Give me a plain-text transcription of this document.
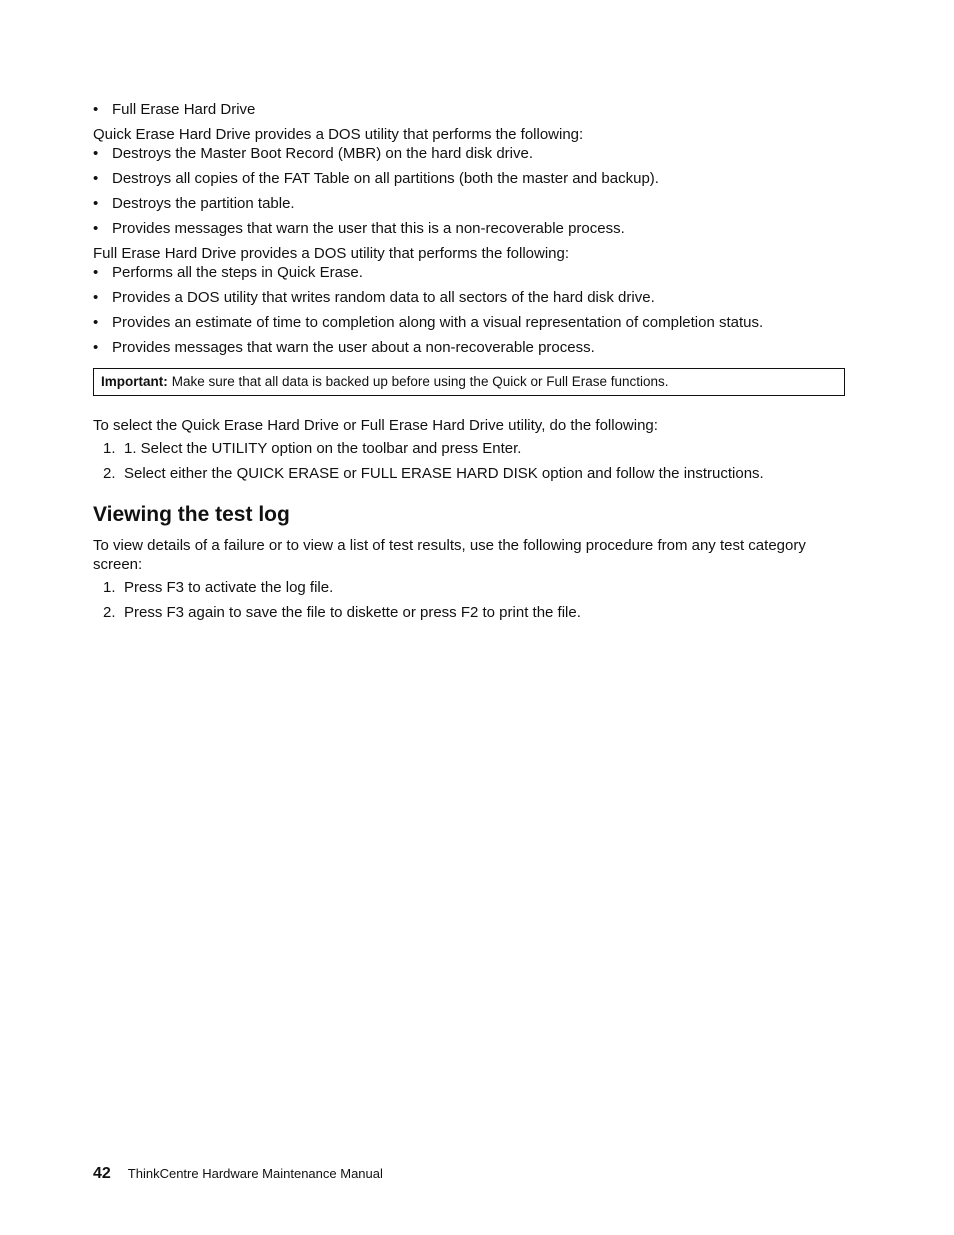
• Full Erase Hard Drive

Quick Erase Hard Drive provides a DOS utility that performs the following:

• Destroys the Master Boot Record (MBR) on the hard disk drive.
• Destroys all copies of the FAT Table on all partitions (both the master and backup).
• Destroys the partition table.
• Provides messages that warn the user that this is a non-recoverable process.

Full Erase Hard Drive provides a DOS utility that performs the following:

• Performs all the steps in Quick Erase.
• Provides a DOS utility that writes random data to all sectors of the hard disk drive.
• Provides an estimate of time to completion along with a visual representation of completion status.
• Provides messages that warn the user about a non-recoverable process.
Important: Make sure that all data is backed up before using the Quick or Full Erase functions.

To select the Quick Erase Hard Drive or Full Erase Hard Drive utility, do the following:

1. 1. Select the UTILITY option on the toolbar and press Enter.
2. Select either the QUICK ERASE or FULL ERASE HARD DISK option and follow the instructions.
Viewing the test log

To view details of a failure or to view a list of test results, use the following procedure from any test category screen:

1. Press F3 to activate the log file.
2. Press F3 again to save the file to diskette or press F2 to print the file.
42 ThinkCentre Hardware Maintenance Manual
